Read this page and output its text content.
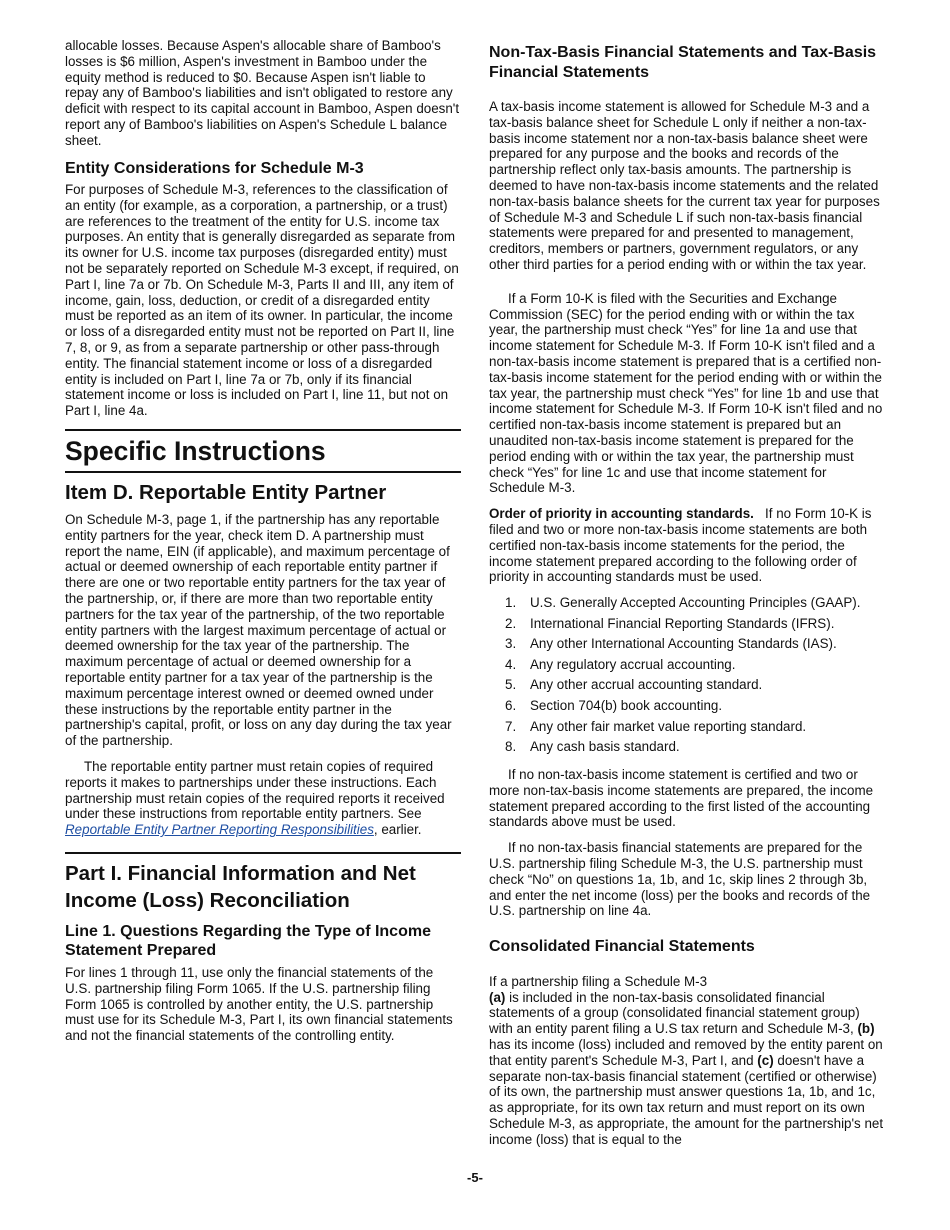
allocable losses. Because Aspen's allocable share of Bamboo's losses is $6 million, Aspen's investment in Bamboo under the equity method is reduced to $0. Because Aspen isn't liable to repay any of Bamboo's liabilities and isn't obligated to restore any deficit with respect to its capital account in Bamboo, Aspen doesn't report any of Bamboo's liabilities on Aspen's Schedule L balance sheet.

Entity Considerations for Schedule M-3

For purposes of Schedule M-3, references to the classification of an entity (for example, as a corporation, a partnership, or a trust) are references to the treatment of the entity for U.S. income tax purposes. An entity that is generally disregarded as separate from its owner for U.S. income tax purposes (disregarded entity) must not be separately reported on Schedule M-3 except, if required, on Part I, line 7a or 7b. On Schedule M-3, Parts II and III, any item of income, gain, loss, deduction, or credit of a disregarded entity must be reported as an item of its owner. In particular, the income or loss of a disregarded entity must not be reported on Part II, line 7, 8, or 9, as from a separate partnership or other pass-through entity. The financial statement income or loss of a disregarded entity is included on Part I, line 7a or 7b, only if its financial statement income or loss is included on Part I, line 11, but not on Part I, line 4a.

Specific Instructions
Item D. Reportable Entity Partner

On Schedule M-3, page 1, if the partnership has any reportable entity partners for the year, check item D. A partnership must report the name, EIN (if applicable), and maximum percentage of actual or deemed ownership of each reportable entity partner if there are one or two reportable entity partners for the tax year of the partnership, or, if there are more than two reportable entity partners for the tax year of the partnership, of the two reportable entity partners with the largest maximum percentage of actual or deemed ownership for the tax year of the partnership. The maximum percentage of actual or deemed ownership for a reportable entity partner for a tax year of the partnership is the maximum percentage interest owned or deemed owned under these instructions by the reportable entity partner in the partnership's capital, profit, or loss on any day during the tax year of the partnership.

The reportable entity partner must retain copies of required reports it makes to partnerships under these instructions. Each partnership must retain copies of the required reports it received under these instructions from reportable entity partners. See Reportable Entity Partner Reporting Responsibilities, earlier.

Part I. Financial Information and Net Income (Loss) Reconciliation
Line 1. Questions Regarding the Type of Income Statement Prepared

For lines 1 through 11, use only the financial statements of the U.S. partnership filing Form 1065. If the U.S. partnership filing Form 1065 is controlled by another entity, the U.S. partnership must use for its Schedule M-3, Part I, its own financial statements and not the financial statements of the controlling entity.

Non-Tax-Basis Financial Statements and Tax-Basis Financial Statements

A tax-basis income statement is allowed for Schedule M-3 and a tax-basis balance sheet for Schedule L only if neither a non-tax-basis income statement nor a non-tax-basis balance sheet were prepared for any purpose and the books and records of the partnership reflect only tax-basis amounts. The partnership is deemed to have non-tax-basis income statements and the related non-tax-basis balance sheets for the current tax year for purposes of Schedule M-3 and Schedule L if such non-tax-basis financial statements were prepared for and presented to management, creditors, members or partners, government regulators, or any other third parties for a period ending with or within the tax year.

If a Form 10-K is filed with the Securities and Exchange Commission (SEC) for the period ending with or within the tax year, the partnership must check “Yes” for line 1a and use that income statement for Schedule M-3. If Form 10-K isn't filed and a non-tax-basis income statement is prepared that is a certified non-tax-basis income statement for the period ending with or within the tax year, the partnership must check “Yes” for line 1b and use that income statement for Schedule M-3. If Form 10-K isn't filed and no certified non-tax-basis income statement is prepared but an unaudited non-tax-basis income statement is prepared for the period ending with or within the tax year, the partnership must check “Yes” for line 1c and use that income statement for Schedule M-3.

Order of priority in accounting standards. If no Form 10-K is filed and two or more non-tax-basis income statements are both certified non-tax-basis income statements for the period, the income statement prepared according to the following order of priority in accounting standards must be used.

1.	U.S. Generally Accepted Accounting Principles (GAAP).
2.	International Financial Reporting Standards (IFRS).
3.	Any other International Accounting Standards (IAS).
4.	Any regulatory accrual accounting.
5.	Any other accrual accounting standard.
6.	Section 704(b) book accounting.
7.	Any other fair market value reporting standard.
8.	Any cash basis standard.

If no non-tax-basis income statement is certified and two or more non-tax-basis income statements are prepared, the income statement prepared according to the first listed of the accounting standards above must be used.

If no non-tax-basis financial statements are prepared for the U.S. partnership filing Schedule M-3, the U.S. partnership must check “No” on questions 1a, 1b, and 1c, skip lines 2 through 3b, and enter the net income (loss) per the books and records of the U.S. partnership on line 4a.

Consolidated Financial Statements

If a partnership filing a Schedule M-3
(a) is included in the non-tax-basis consolidated financial statements of a group (consolidated financial statement group) with an entity parent filing a U.S tax return and Schedule M-3, (b) has its income (loss) included and removed by the entity parent on that entity parent's Schedule M-3, Part I, and (c) doesn't have a separate non-tax-basis financial statement (certified or otherwise) of its own, the partnership must answer questions 1a, 1b, and 1c, as appropriate, for its own tax return and must report on its own Schedule M-3, as appropriate, the amount for the partnership's net income (loss) that is equal to the

-5-
